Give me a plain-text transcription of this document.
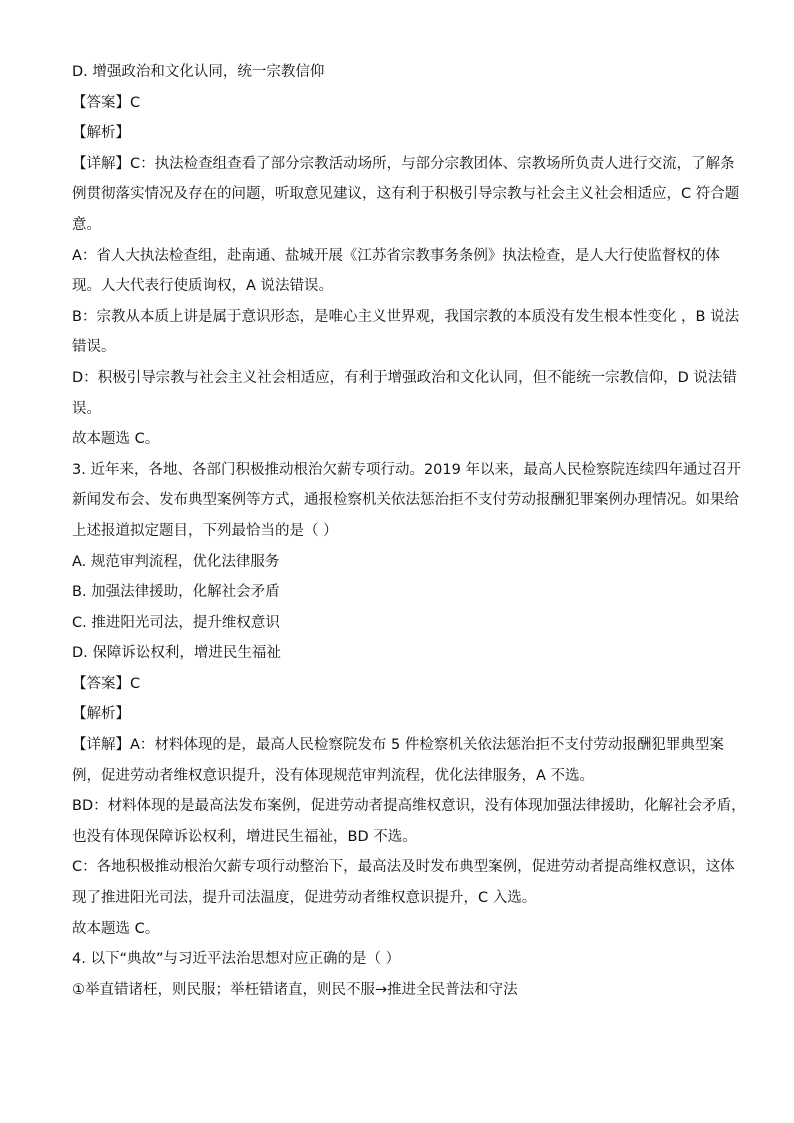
D. 增强政治和文化认同，统一宗教信仰
【答案】C
【解析】
【详解】C：执法检查组查看了部分宗教活动场所，与部分宗教团体、宗教场所负责人进行交流，了解条
例贯彻落实情况及存在的问题，听取意见建议，这有利于积极引导宗教与社会主义社会相适应，C 符合题
意。
A：省人大执法检查组，赴南通、盐城开展《江苏省宗教事务条例》执法检查，是人大行使监督权的体
现。人大代表行使质询权，A 说法错误。
B：宗教从本质上讲是属于意识形态，是唯心主义世界观，我国宗教的本质没有发生根本性变化 ，B 说法
错误。
D：积极引导宗教与社会主义社会相适应，有利于增强政治和文化认同，但不能统一宗教信仰，D 说法错
误。
故本题选 C。
3. 近年来，各地、各部门积极推动根治欠薪专项行动。2019 年以来，最高人民检察院连续四年通过召开
新闻发布会、发布典型案例等方式，通报检察机关依法惩治拒不支付劳动报酬犯罪案例办理情况。如果给
上述报道拟定题目，下列最恰当的是（ ）
A. 规范审判流程，优化法律服务
B. 加强法律援助，化解社会矛盾
C. 推进阳光司法，提升维权意识
D. 保障诉讼权利，增进民生福祉
【答案】C
【解析】
【详解】A：材料体现的是，最高人民检察院发布 5 件检察机关依法惩治拒不支付劳动报酬犯罪典型案
例，促进劳动者维权意识提升，没有体现规范审判流程，优化法律服务，A 不选。
BD：材料体现的是最高法发布案例，促进劳动者提高维权意识，没有体现加强法律援助，化解社会矛盾，
也没有体现保障诉讼权利，增进民生福祉，BD 不选。
C：各地积极推动根治欠薪专项行动整治下，最高法及时发布典型案例，促进劳动者提高维权意识，这体
现了推进阳光司法，提升司法温度，促进劳动者维权意识提升，C 入选。
故本题选 C。
4. 以下“典故”与习近平法治思想对应正确的是（ ）
①举直错诸枉，则民服；举枉错诸直，则民不服→推进全民普法和守法
